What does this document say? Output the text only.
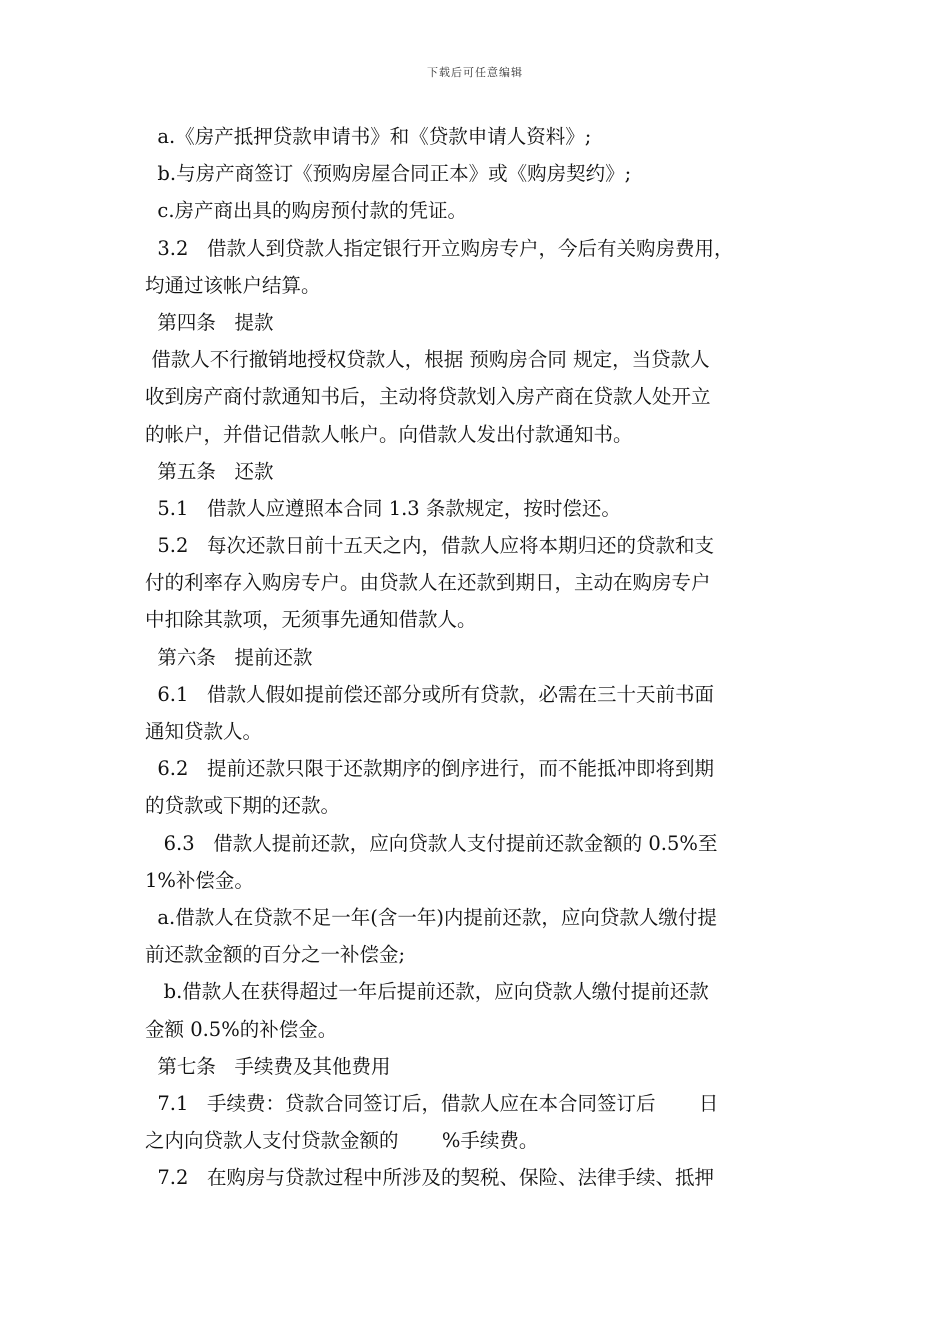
下载后可任意编辑
a.《房产抵押贷款申请书》和《贷款申请人资料》;
b.与房产商签订《预购房屋合同正本》或《购房契约》;
c.房产商出具的购房预付款的凭证。
3.2   借款人到贷款人指定银行开立购房专户，今后有关购房费用，
均通过该帐户结算。
第四条   提款
借款人不行撤销地授权贷款人，根据 预购房合同 规定，当贷款人
收到房产商付款通知书后，主动将贷款划入房产商在贷款人处开立
的帐户，并借记借款人帐户。向借款人发出付款通知书。
第五条   还款
5.1   借款人应遵照本合同 1.3 条款规定，按时偿还。
5.2   每次还款日前十五天之内，借款人应将本期归还的贷款和支
付的利率存入购房专户。由贷款人在还款到期日，主动在购房专户
中扣除其款项，无须事先通知借款人。
第六条   提前还款
6.1   借款人假如提前偿还部分或所有贷款，必需在三十天前书面
通知贷款人。
6.2   提前还款只限于还款期序的倒序进行，而不能抵冲即将到期
的贷款或下期的还款。
6.3   借款人提前还款，应向贷款人支付提前还款金额的 0.5%至
1%补偿金。
a.借款人在贷款不足一年(含一年)内提前还款，应向贷款人缴付提
前还款金额的百分之一补偿金;
b.借款人在获得超过一年后提前还款，应向贷款人缴付提前还款
金额 0.5%的补偿金。
第七条   手续费及其他费用
7.1   手续费：贷款合同签订后，借款人应在本合同签订后       日
之内向贷款人支付贷款金额的       %手续费。
7.2   在购房与贷款过程中所涉及的契税、保险、法律手续、抵押
